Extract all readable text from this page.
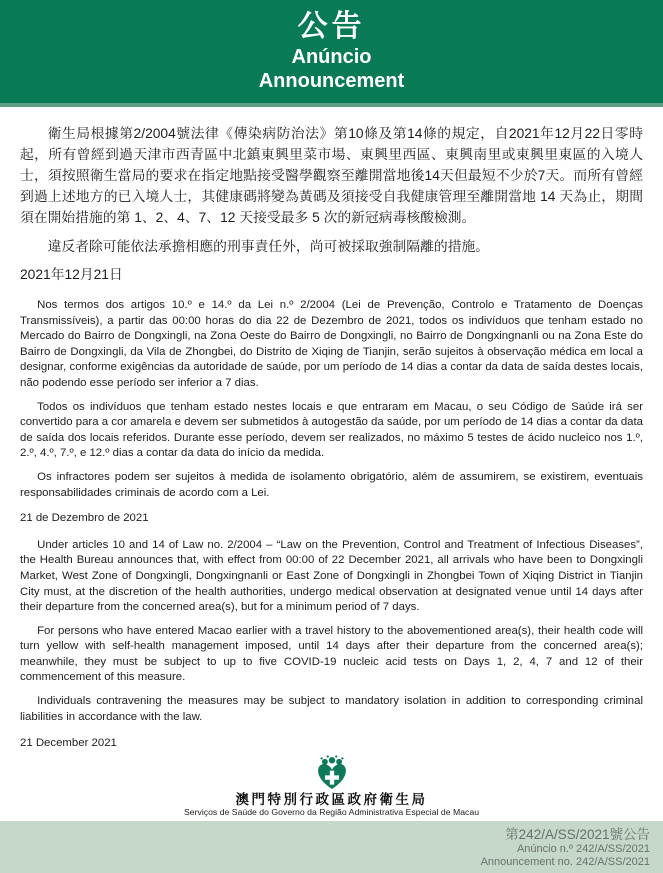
公告
Anúncio
Announcement

衛生局根據第2/2004號法律《傳染病防治法》第10條及第14條的規定，自2021年12月22日零時起，所有曾經到過天津市西青區中北鎮東興里菜市場、東興里西區、東興南里或東興里東區的入境人士，須按照衛生當局的要求在指定地點接受醫學觀察至離開當地後14天但最短不少於7天。而所有曾經到過上述地方的已入境人士，其健康碼將變為黃碼及須接受自我健康管理至離開當地 14 天為止，期間須在開始措施的第 1、2、4、7、12 天接受最多 5 次的新冠病毒核酸檢測。

違反者除可能依法承擔相應的刑事責任外，尚可被採取強制隔離的措施。

2021年12月21日

Nos termos dos artigos 10.º e 14.º da Lei n.º 2/2004 (Lei de Prevenção, Controlo e Tratamento de Doenças Transmissíveis), a partir das 00:00 horas do dia 22 de Dezembro de 2021, todos os indivíduos que tenham estado no Mercado do Bairro de Dongxingli, na Zona Oeste do Bairro de Dongxingli, no Bairro de Dongxingnanli ou na Zona Este do Bairro de Dongxingli, da Vila de Zhongbei, do Distrito de Xiqing de Tianjin, serão sujeitos à observação médica em local a designar, conforme exigências da autoridade de saúde, por um período de 14 dias a contar da data de saída destes locais, não podendo esse período ser inferior a 7 dias.

Todos os indivíduos que tenham estado nestes locais e que entraram em Macau, o seu Código de Saúde irá ser convertido para a cor amarela e devem ser submetidos à autogestão da saúde, por um período de 14 dias a contar da data de saída dos locais referidos. Durante esse período, devem ser realizados, no máximo 5 testes de ácido nucleico nos 1.º, 2.º, 4.º, 7.º, e 12.º dias a contar da data do início da medida.

Os infractores podem ser sujeitos à medida de isolamento obrigatório, além de assumirem, se existirem, eventuais responsabilidades criminais de acordo com a Lei.

21 de Dezembro de 2021

Under articles 10 and 14 of Law no. 2/2004 – “Law on the Prevention, Control and Treatment of Infectious Diseases”, the Health Bureau announces that, with effect from 00:00 of 22 December 2021, all arrivals who have been to Dongxingli Market, West Zone of Dongxingli, Dongxingnanli or East Zone of Dongxingli in Zhongbei Town of Xiqing District in Tianjin City must, at the discretion of the health authorities, undergo medical observation at designated venue until 14 days after their departure from the concerned area(s), but for a minimum period of 7 days.

For persons who have entered Macao earlier with a travel history to the abovementioned area(s), their health code will turn yellow with self-health management imposed, until 14 days after their departure from the concerned area(s); meanwhile, they must be subject to up to five COVID-19 nucleic acid tests on Days 1, 2, 4, 7 and 12 of their commencement of this measure.

Individuals contravening the measures may be subject to mandatory isolation in addition to corresponding criminal liabilities in accordance with the law.

21 December 2021

澳門特別行政區政府衛生局
Serviços de Saúde do Governo da Região Administrativa Especial de Macau
第242/A/SS/2021號公告
Anúncio n.º 242/A/SS/2021
Announcement no. 242/A/SS/2021
